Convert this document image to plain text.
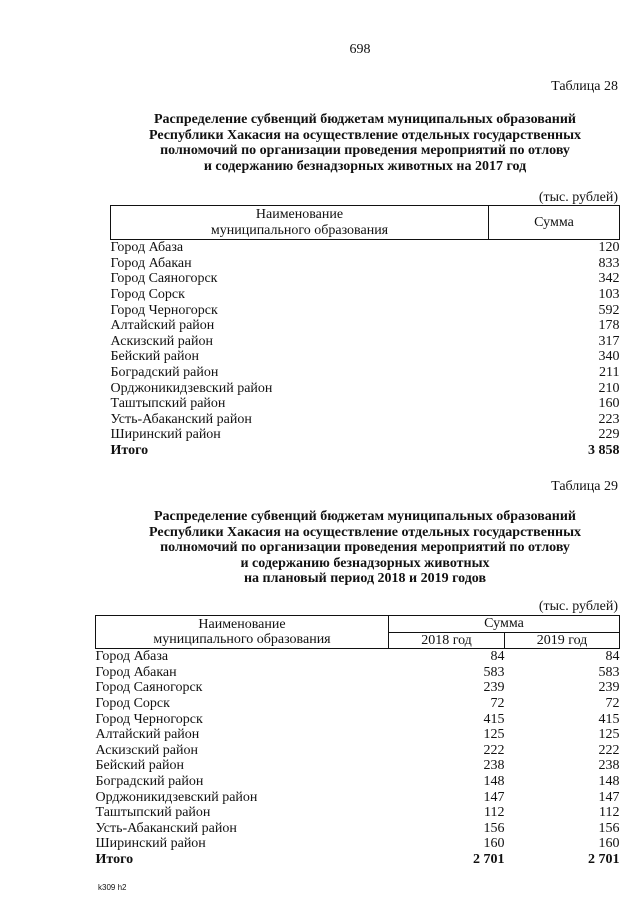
698
Таблица 28
Распределение субвенций бюджетам муниципальных образований
Республики Хакасия на осуществление отдельных государственных
полномочий по организации проведения мероприятий по отлову
и содержанию безнадзорных животных на 2017 год
(тыс. рублей)
Наименование
муниципального образования	Сумма
Город Абаза	120
Город Абакан	833
Город Саяногорск	342
Город Сорск	103
Город Черногорск	592
Алтайский район	178
Аскизский район	317
Бейский район	340
Боградский район	211
Орджоникидзевский район	210
Таштыпский район	160
Усть-Абаканский район	223
Ширинский район	229
Итого	3 858
Таблица 29
Распределение субвенций бюджетам муниципальных образований
Республики Хакасия на осуществление отдельных государственных
полномочий по организации проведения мероприятий по отлову
и содержанию безнадзорных животных
на плановый период 2018 и 2019 годов
(тыс. рублей)
Наименование
муниципального образования	Сумма	
	2018 год	2019 год
Город Абаза	84	84
Город Абакан	583	583
Город Саяногорск	239	239
Город Сорск	72	72
Город Черногорск	415	415
Алтайский район	125	125
Аскизский район	222	222
Бейский район	238	238
Боградский район	148	148
Орджоникидзевский район	147	147
Таштыпский район	112	112
Усть-Абаканский район	156	156
Ширинский район	160	160
Итого	2 701	2 701
k309 h2
